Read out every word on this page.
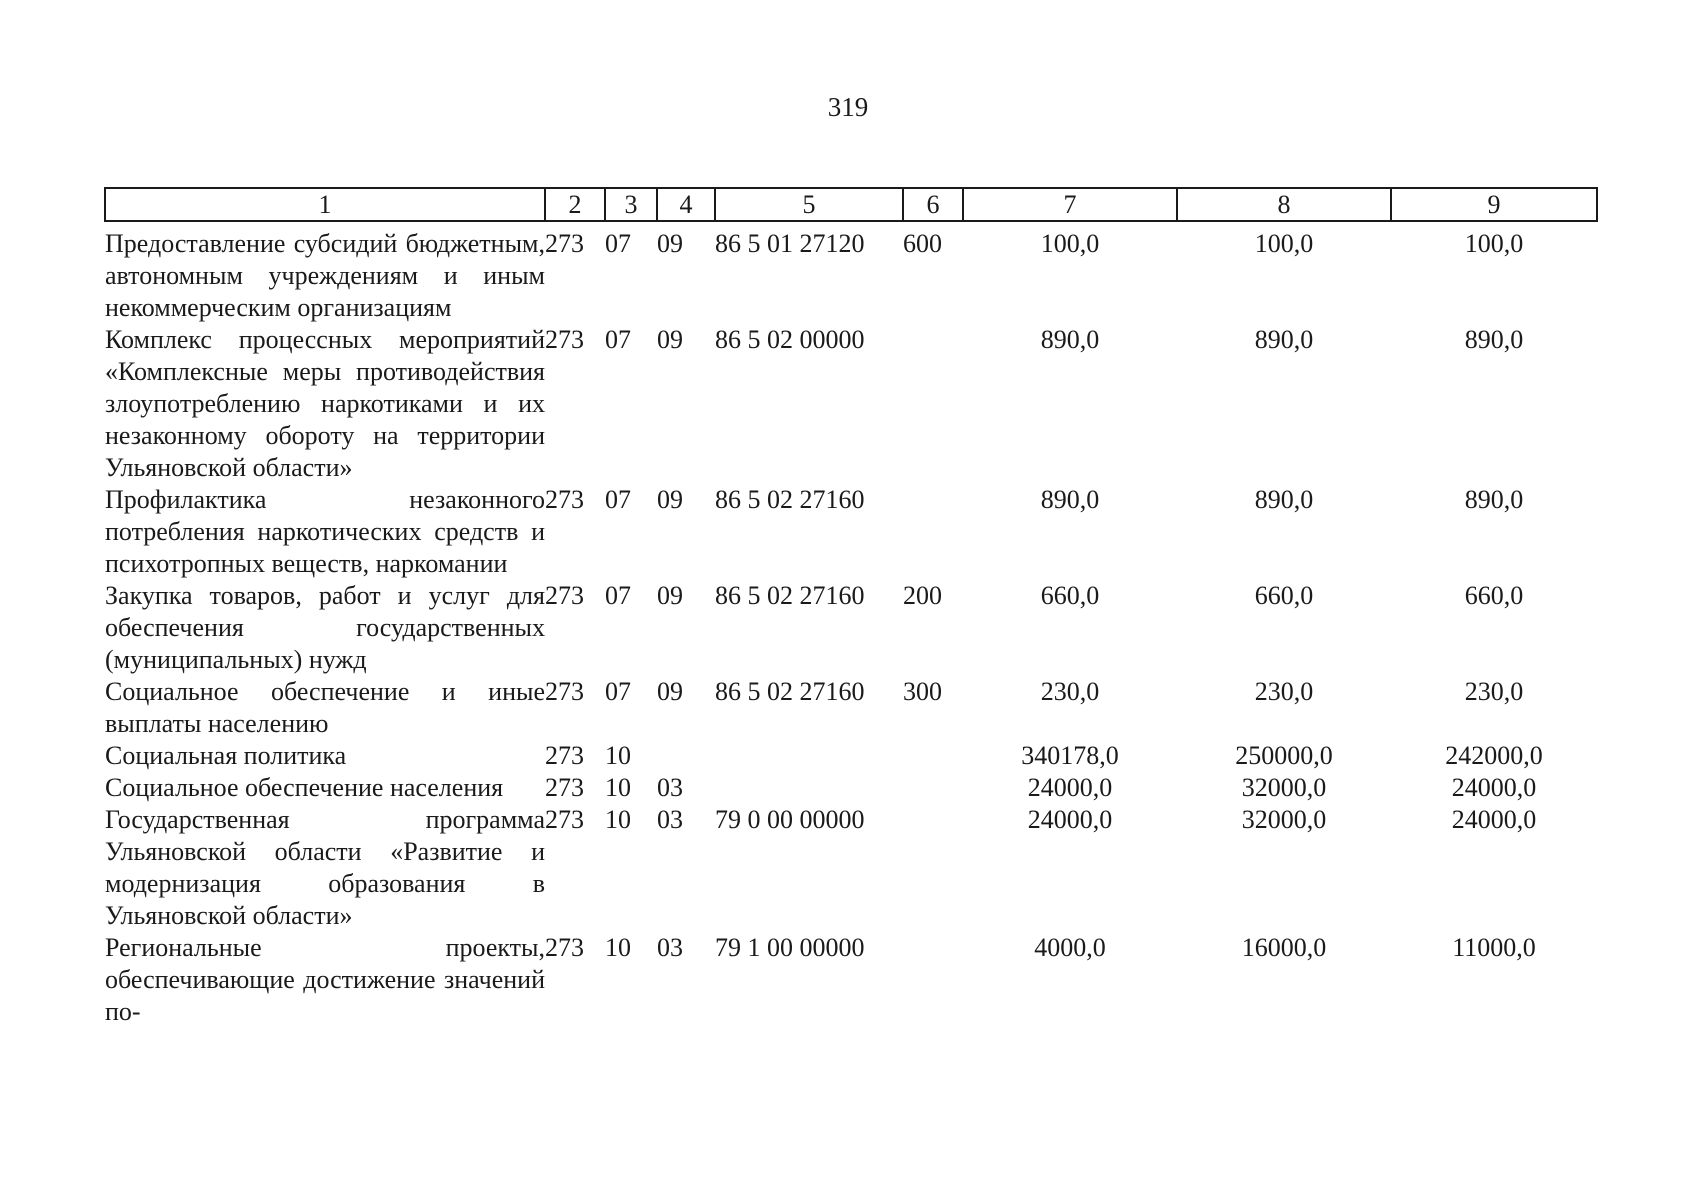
319
1	2	3	4	5	6	7	8	9
Предоставление субсидий бюджетным, автономным учреждениям и иным некоммерческим организациям	273	07	09	86 5 01 27120	600	100,0	100,0	100,0
Комплекс процессных мероприятий «Комплексные меры противодействия злоупотреблению наркотиками и их незаконному обороту на территории Ульяновской области»	273	07	09	86 5 02 00000		890,0	890,0	890,0
Профилактика незаконного потребления наркотических средств и психотропных веществ, наркомании	273	07	09	86 5 02 27160		890,0	890,0	890,0
Закупка товаров, работ и услуг для обеспечения государственных (муниципальных) нужд	273	07	09	86 5 02 27160	200	660,0	660,0	660,0
Социальное обеспечение и иные выплаты населению	273	07	09	86 5 02 27160	300	230,0	230,0	230,0
Социальная политика	273	10				340178,0	250000,0	242000,0
Социальное обеспечение населения	273	10	03			24000,0	32000,0	24000,0
Государственная программа Ульяновской области «Развитие и модернизация образования в Ульяновской области»	273	10	03	79 0 00 00000		24000,0	32000,0	24000,0
Региональные проекты, обеспечивающие достижение значений по-	273	10	03	79 1 00 00000		4000,0	16000,0	11000,0
